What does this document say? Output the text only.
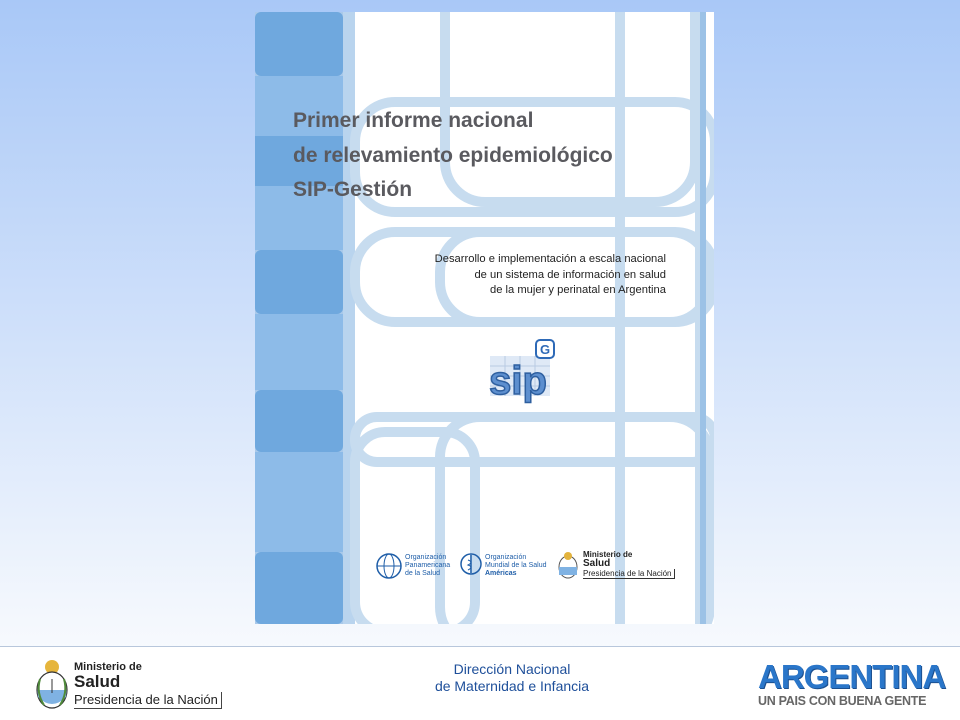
Primer informe nacional
de relevamiento epidemiológico
SIP-Gestión
Desarrollo e implementación a escala nacional
de un sistema de información en salud
de la mujer y perinatal en Argentina
sip
G
Organización
Panamericana
de la Salud
Organización
Mundial de la Salud
Américas
Ministerio de
Salud
Presidencia de la Nación
Ministerio de
Salud
Presidencia de la Nación
Dirección Nacional
de Maternidad e Infancia	ARGENTINA
UN PAIS CON BUENA GENTE
